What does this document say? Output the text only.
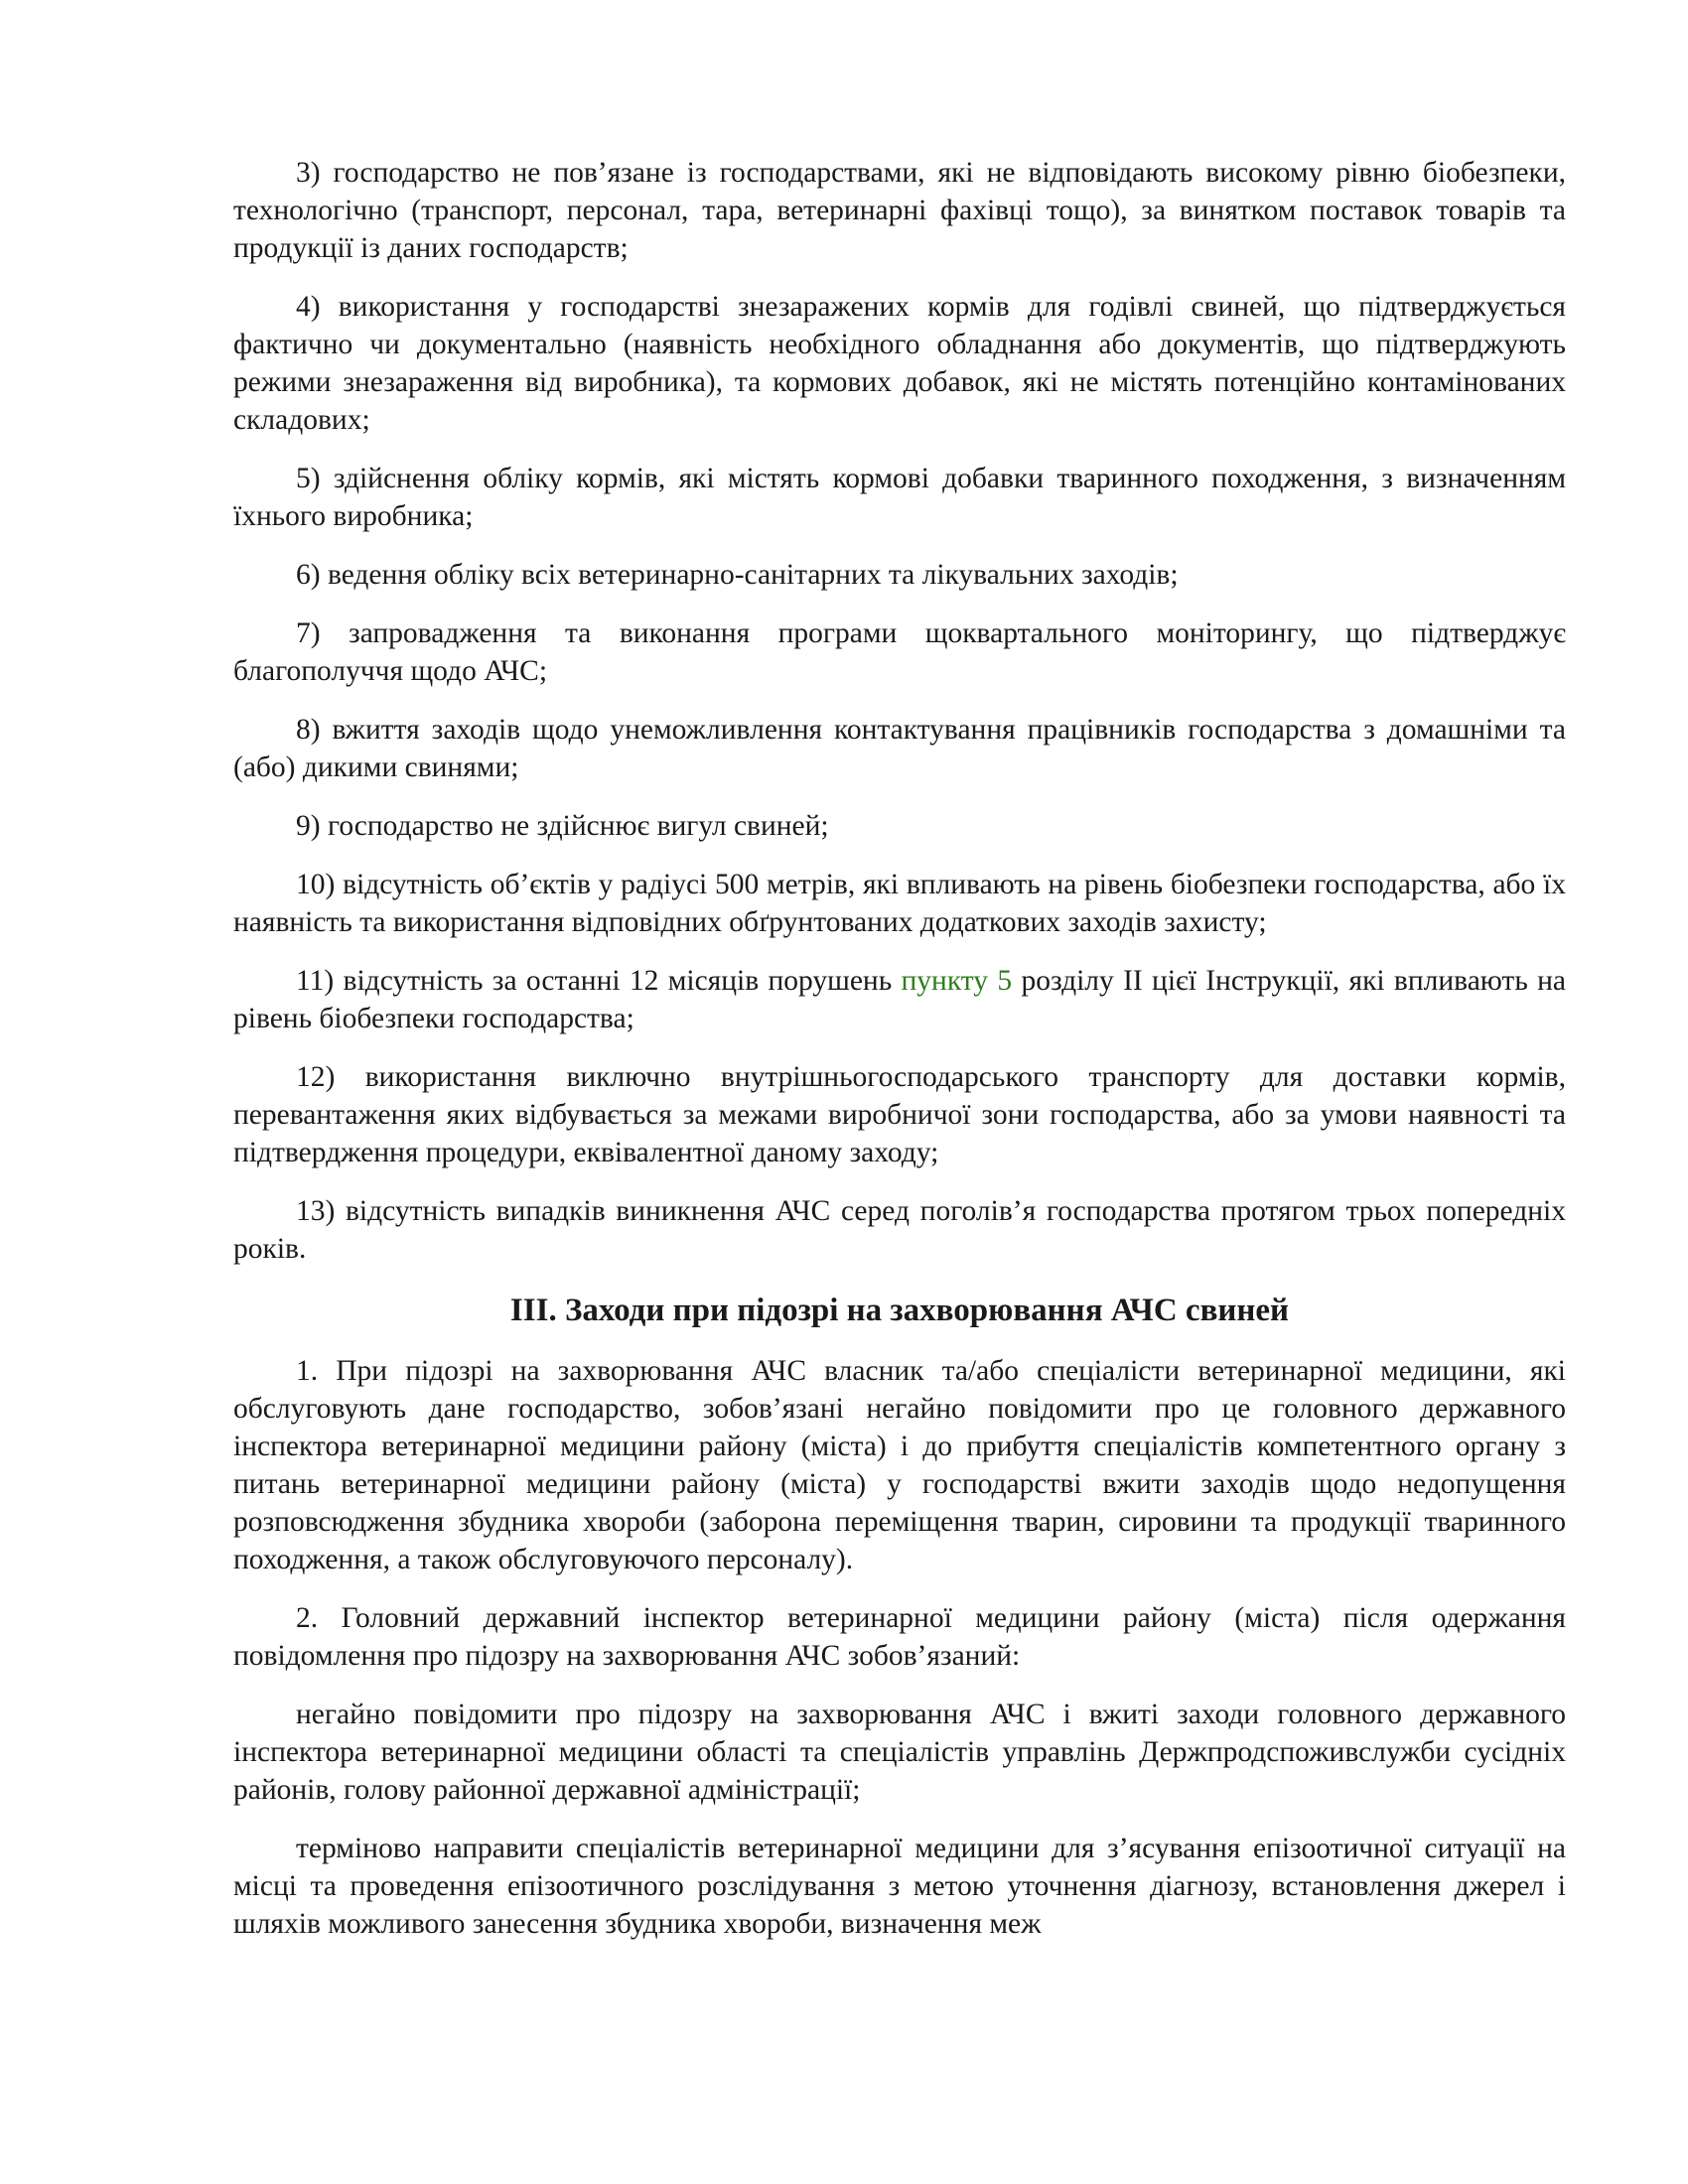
3) господарство не пов’язане із господарствами, які не відповідають високому рівню біобезпеки, технологічно (транспорт, персонал, тара, ветеринарні фахівці тощо), за винятком поставок товарів та продукції із даних господарств;

4) використання у господарстві знезаражених кормів для годівлі свиней, що підтверджується фактично чи документально (наявність необхідного обладнання або документів, що підтверджують режими знезараження від виробника), та кормових добавок, які не містять потенційно контамінованих складових;

5) здійснення обліку кормів, які містять кормові добавки тваринного походження, з визначенням їхнього виробника;

6) ведення обліку всіх ветеринарно-санітарних та лікувальних заходів;

7) запровадження та виконання програми щоквартального моніторингу, що підтверджує благополуччя щодо АЧС;

8) вжиття заходів щодо унеможливлення контактування працівників господарства з домашніми та (або) дикими свинями;

9) господарство не здійснює вигул свиней;

10) відсутність об’єктів у радіусі 500 метрів, які впливають на рівень біобезпеки господарства, або їх наявність та використання відповідних обґрунтованих додаткових заходів захисту;

11) відсутність за останні 12 місяців порушень пункту 5 розділу ІІ цієї Інструкції, які впливають на рівень біобезпеки господарства;

12) використання виключно внутрішньогосподарського транспорту для доставки кормів, перевантаження яких відбувається за межами виробничої зони господарства, або за умови наявності та підтвердження процедури, еквівалентної даному заходу;

13) відсутність випадків виникнення АЧС серед поголів’я господарства протягом трьох попередніх років.

ІІІ. Заходи при підозрі на захворювання АЧС свиней

1. При підозрі на захворювання АЧС власник та/або спеціалісти ветеринарної медицини, які обслуговують дане господарство, зобов’язані негайно повідомити про це головного державного інспектора ветеринарної медицини району (міста) і до прибуття спеціалістів компетентного органу з питань ветеринарної медицини району (міста) у господарстві вжити заходів щодо недопущення розповсюдження збудника хвороби (заборона переміщення тварин, сировини та продукції тваринного походження, а також обслуговуючого персоналу).

2. Головний державний інспектор ветеринарної медицини району (міста) після одержання повідомлення про підозру на захворювання АЧС зобов’язаний:

негайно повідомити про підозру на захворювання АЧС і вжиті заходи головного державного інспектора ветеринарної медицини області та спеціалістів управлінь Держпродспоживслужби сусідніх районів, голову районної державної адміністрації;

терміново направити спеціалістів ветеринарної медицини для з’ясування епізоотичної ситуації на місці та проведення епізоотичного розслідування з метою уточнення діагнозу, встановлення джерел і шляхів можливого занесення збудника хвороби, визначення меж
